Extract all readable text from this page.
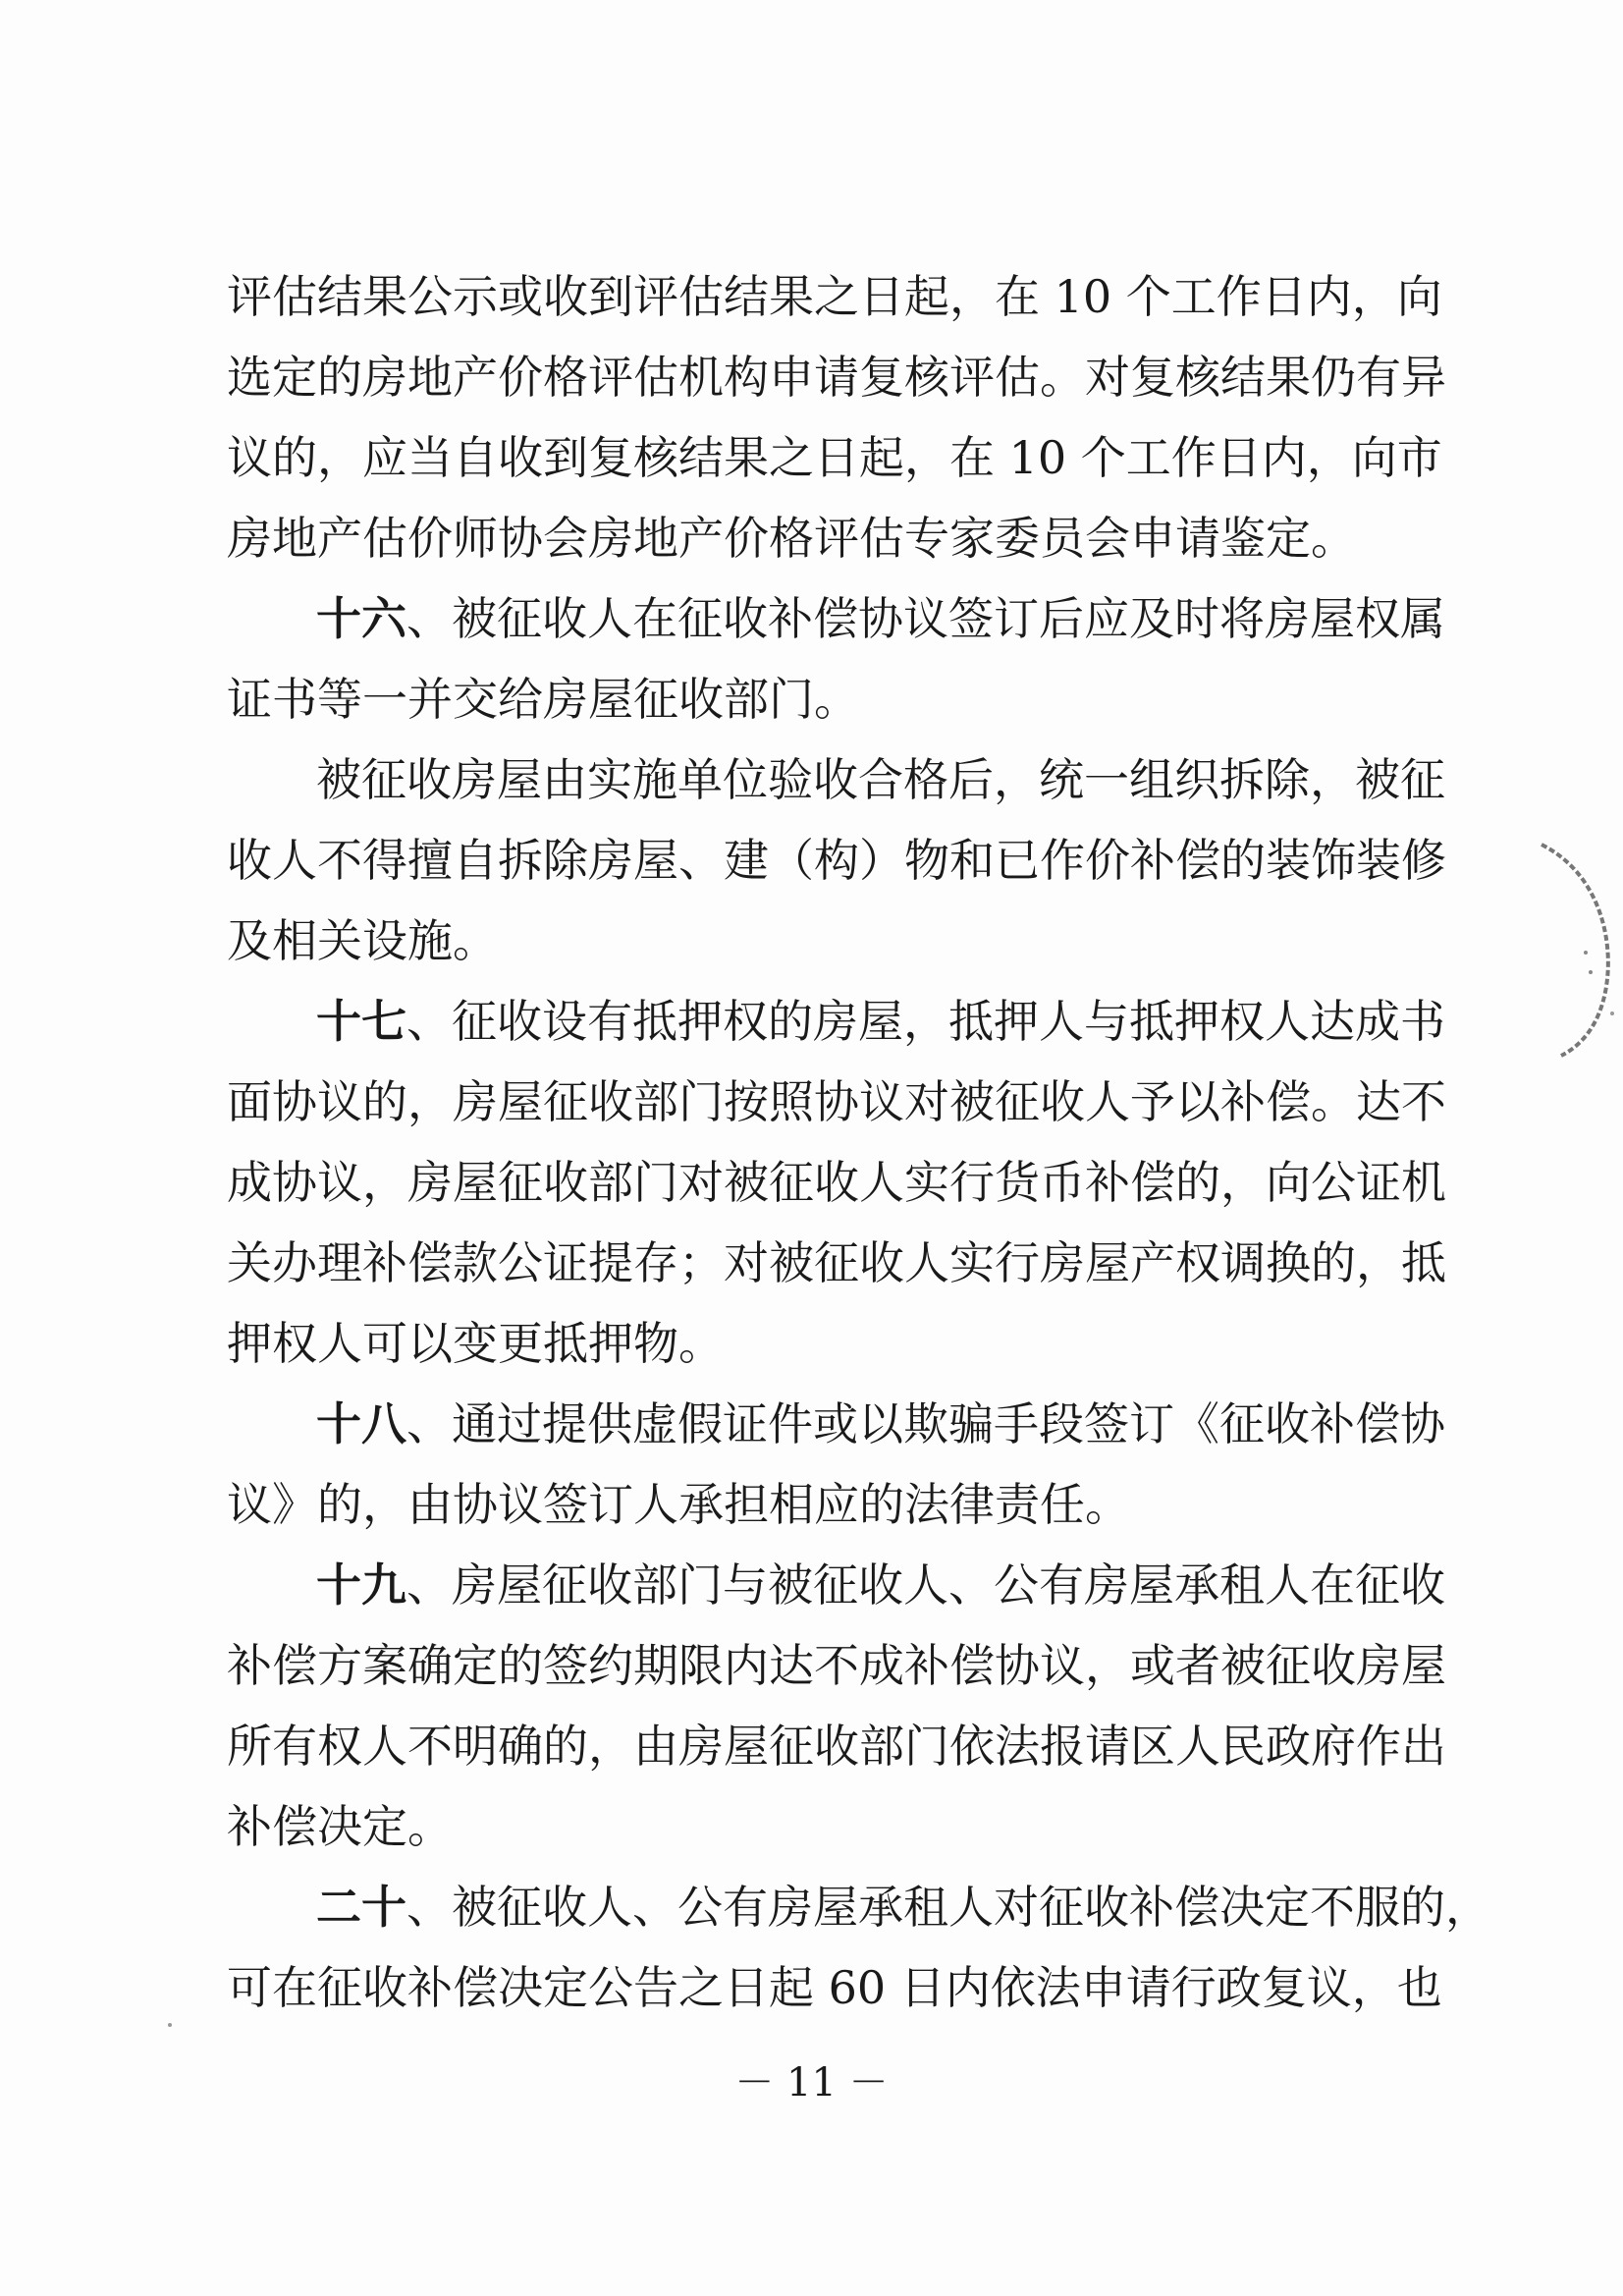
评估结果公示或收到评估结果之日起，在 10 个工作日内，向
选定的房地产价格评估机构申请复核评估。对复核结果仍有异
议的，应当自收到复核结果之日起，在 10 个工作日内，向市
房地产估价师协会房地产价格评估专家委员会申请鉴定。
十六、被征收人在征收补偿协议签订后应及时将房屋权属
证书等一并交给房屋征收部门。
被征收房屋由实施单位验收合格后，统一组织拆除，被征
收人不得擅自拆除房屋、建（构）物和已作价补偿的装饰装修
及相关设施。
十七、征收设有抵押权的房屋，抵押人与抵押权人达成书
面协议的，房屋征收部门按照协议对被征收人予以补偿。达不
成协议，房屋征收部门对被征收人实行货币补偿的，向公证机
关办理补偿款公证提存；对被征收人实行房屋产权调换的，抵
押权人可以变更抵押物。
十八、通过提供虚假证件或以欺骗手段签订《征收补偿协
议》的，由协议签订人承担相应的法律责任。
十九、房屋征收部门与被征收人、公有房屋承租人在征收
补偿方案确定的签约期限内达不成补偿协议，或者被征收房屋
所有权人不明确的，由房屋征收部门依法报请区人民政府作出
补偿决定。
二十、被征收人、公有房屋承租人对征收补偿决定不服的，
可在征收补偿决定公告之日起 60 日内依法申请行政复议，也
－ 11 －
